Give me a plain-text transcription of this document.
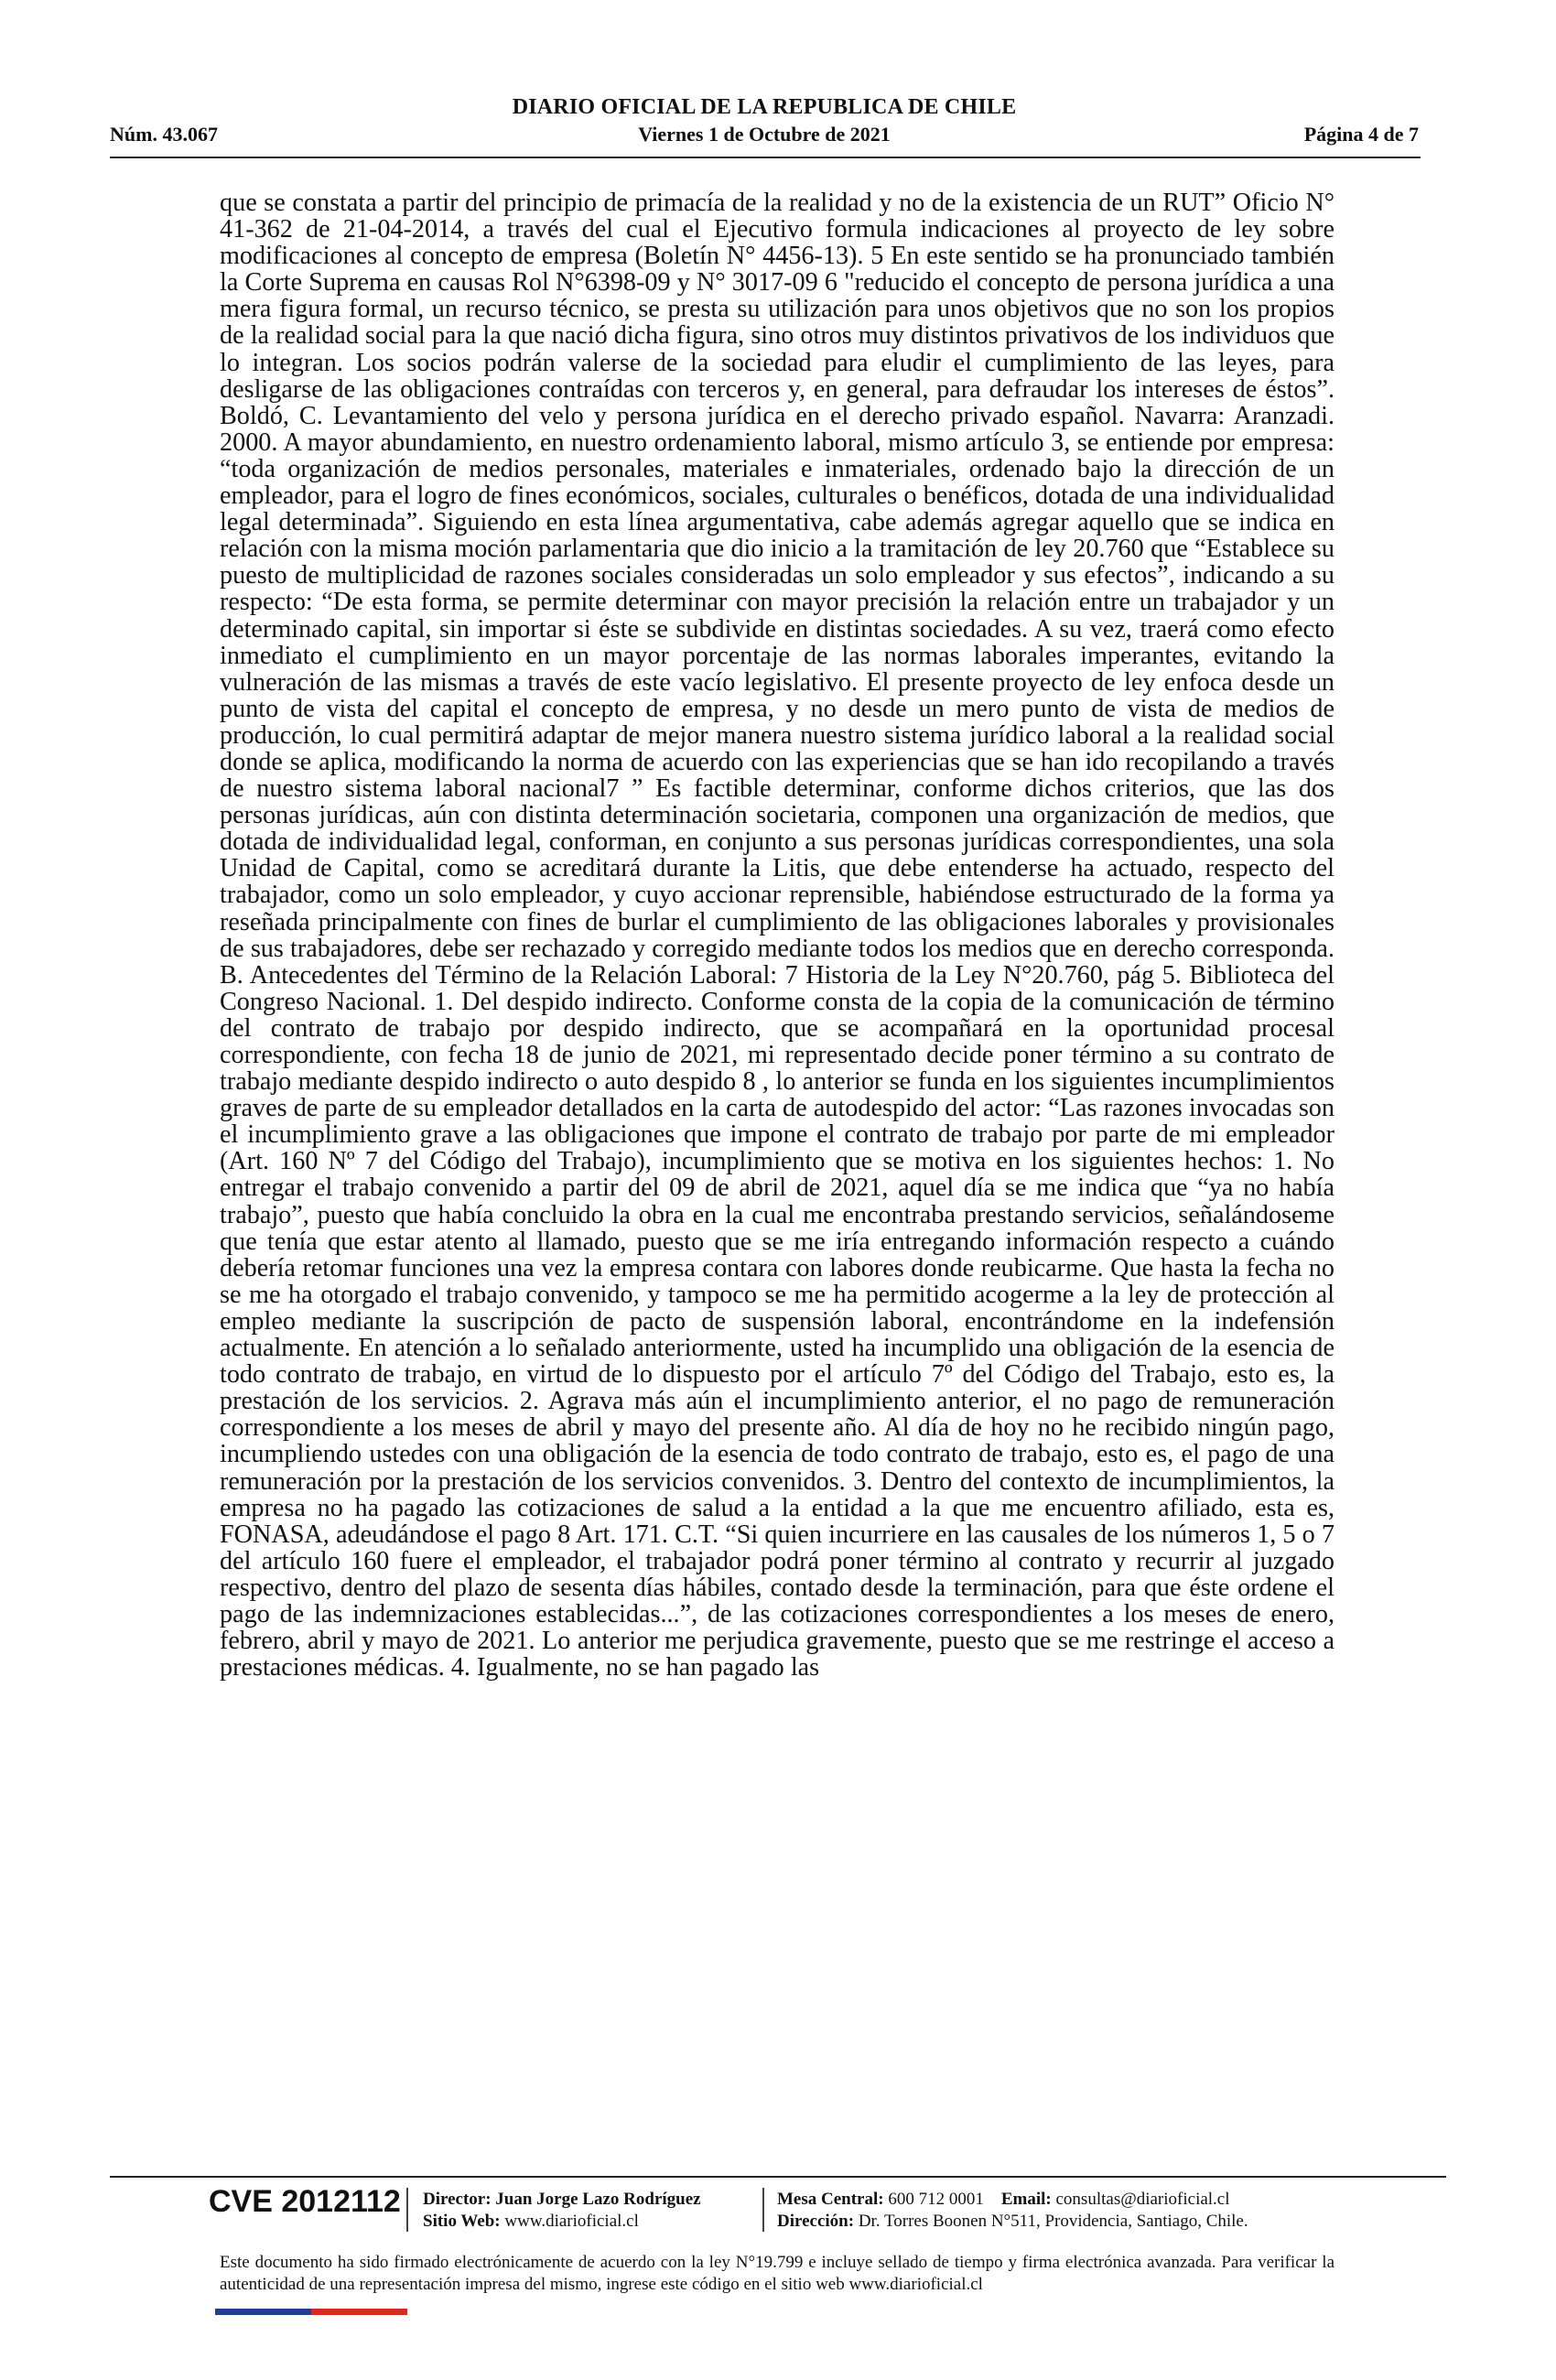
DIARIO OFICIAL DE LA REPUBLICA DE CHILE
Núm. 43.067	Viernes 1 de Octubre de 2021	Página 4 de 7

que se constata a partir del principio de primacía de la realidad y no de la existencia de un RUT” Oficio N° 41-362 de 21-04-2014, a través del cual el Ejecutivo formula indicaciones al proyecto de ley sobre modificaciones al concepto de empresa (Boletín N° 4456-13). 5 En este sentido se ha pronunciado también la Corte Suprema en causas Rol N°6398-09 y N° 3017-09 6 "reducido el concepto de persona jurídica a una mera figura formal, un recurso técnico, se presta su utilización para unos objetivos que no son los propios de la realidad social para la que nació dicha figura, sino otros muy distintos privativos de los individuos que lo integran. Los socios podrán valerse de la sociedad para eludir el cumplimiento de las leyes, para desligarse de las obligaciones contraídas con terceros y, en general, para defraudar los intereses de éstos”. Boldó, C. Levantamiento del velo y persona jurídica en el derecho privado español. Navarra: Aranzadi. 2000. A mayor abundamiento, en nuestro ordenamiento laboral, mismo artículo 3, se entiende por empresa: “toda organización de medios personales, materiales e inmateriales, ordenado bajo la dirección de un empleador, para el logro de fines económicos, sociales, culturales o benéficos, dotada de una individualidad legal determinada”. Siguiendo en esta línea argumentativa, cabe además agregar aquello que se indica en relación con la misma moción parlamentaria que dio inicio a la tramitación de ley 20.760 que “Establece su puesto de multiplicidad de razones sociales consideradas un solo empleador y sus efectos”, indicando a su respecto: “De esta forma, se permite determinar con mayor precisión la relación entre un trabajador y un determinado capital, sin importar si éste se subdivide en distintas sociedades. A su vez, traerá como efecto inmediato el cumplimiento en un mayor porcentaje de las normas laborales imperantes, evitando la vulneración de las mismas a través de este vacío legislativo. El presente proyecto de ley enfoca desde un punto de vista del capital el concepto de empresa, y no desde un mero punto de vista de medios de producción, lo cual permitirá adaptar de mejor manera nuestro sistema jurídico laboral a la realidad social donde se aplica, modificando la norma de acuerdo con las experiencias que se han ido recopilando a través de nuestro sistema laboral nacional7 ” Es factible determinar, conforme dichos criterios, que las dos personas jurídicas, aún con distinta determinación societaria, componen una organización de medios, que dotada de individualidad legal, conforman, en conjunto a sus personas jurídicas correspondientes, una sola Unidad de Capital, como se acreditará durante la Litis, que debe entenderse ha actuado, respecto del trabajador, como un solo empleador, y cuyo accionar reprensible, habiéndose estructurado de la forma ya reseñada principalmente con fines de burlar el cumplimiento de las obligaciones laborales y provisionales de sus trabajadores, debe ser rechazado y corregido mediante todos los medios que en derecho corresponda. B. Antecedentes del Término de la Relación Laboral: 7 Historia de la Ley N°20.760, pág 5. Biblioteca del Congreso Nacional. 1. Del despido indirecto. Conforme consta de la copia de la comunicación de término del contrato de trabajo por despido indirecto, que se acompañará en la oportunidad procesal correspondiente, con fecha 18 de junio de 2021, mi representado decide poner término a su contrato de trabajo mediante despido indirecto o auto despido 8 , lo anterior se funda en los siguientes incumplimientos graves de parte de su empleador detallados en la carta de autodespido del actor: “Las razones invocadas son el incumplimiento grave a las obligaciones que impone el contrato de trabajo por parte de mi empleador (Art. 160 Nº 7 del Código del Trabajo), incumplimiento que se motiva en los siguientes hechos: 1. No entregar el trabajo convenido a partir del 09 de abril de 2021, aquel día se me indica que “ya no había trabajo”, puesto que había concluido la obra en la cual me encontraba prestando servicios, señalándoseme que tenía que estar atento al llamado, puesto que se me iría entregando información respecto a cuándo debería retomar funciones una vez la empresa contara con labores donde reubicarme. Que hasta la fecha no se me ha otorgado el trabajo convenido, y tampoco se me ha permitido acogerme a la ley de protección al empleo mediante la suscripción de pacto de suspensión laboral, encontrándome en la indefensión actualmente. En atención a lo señalado anteriormente, usted ha incumplido una obligación de la esencia de todo contrato de trabajo, en virtud de lo dispuesto por el artículo 7º del Código del Trabajo, esto es, la prestación de los servicios. 2. Agrava más aún el incumplimiento anterior, el no pago de remuneración correspondiente a los meses de abril y mayo del presente año. Al día de hoy no he recibido ningún pago, incumpliendo ustedes con una obligación de la esencia de todo contrato de trabajo, esto es, el pago de una remuneración por la prestación de los servicios convenidos. 3. Dentro del contexto de incumplimientos, la empresa no ha pagado las cotizaciones de salud a la entidad a la que me encuentro afiliado, esta es, FONASA, adeudándose el pago 8 Art. 171. C.T. “Si quien incurriere en las causales de los números 1, 5 o 7 del artículo 160 fuere el empleador, el trabajador podrá poner término al contrato y recurrir al juzgado respectivo, dentro del plazo de sesenta días hábiles, contado desde la terminación, para que éste ordene el pago de las indemnizaciones establecidas...”, de las cotizaciones correspondientes a los meses de enero, febrero, abril y mayo de 2021. Lo anterior me perjudica gravemente, puesto que se me restringe el acceso a prestaciones médicas. 4. Igualmente, no se han pagado las

CVE 2012112 Director: Juan Jorge Lazo Rodríguez
Sitio Web: www.diarioficial.cl
Mesa Central: 600 712 0001 Email: consultas@diarioficial.cl
Dirección: Dr. Torres Boonen N°511, Providencia, Santiago, Chile.
Este documento ha sido firmado electrónicamente de acuerdo con la ley N°19.799 e incluye sellado de tiempo y firma electrónica avanzada. Para verificar la autenticidad de una representación impresa del mismo, ingrese este código en el sitio web www.diarioficial.cl
